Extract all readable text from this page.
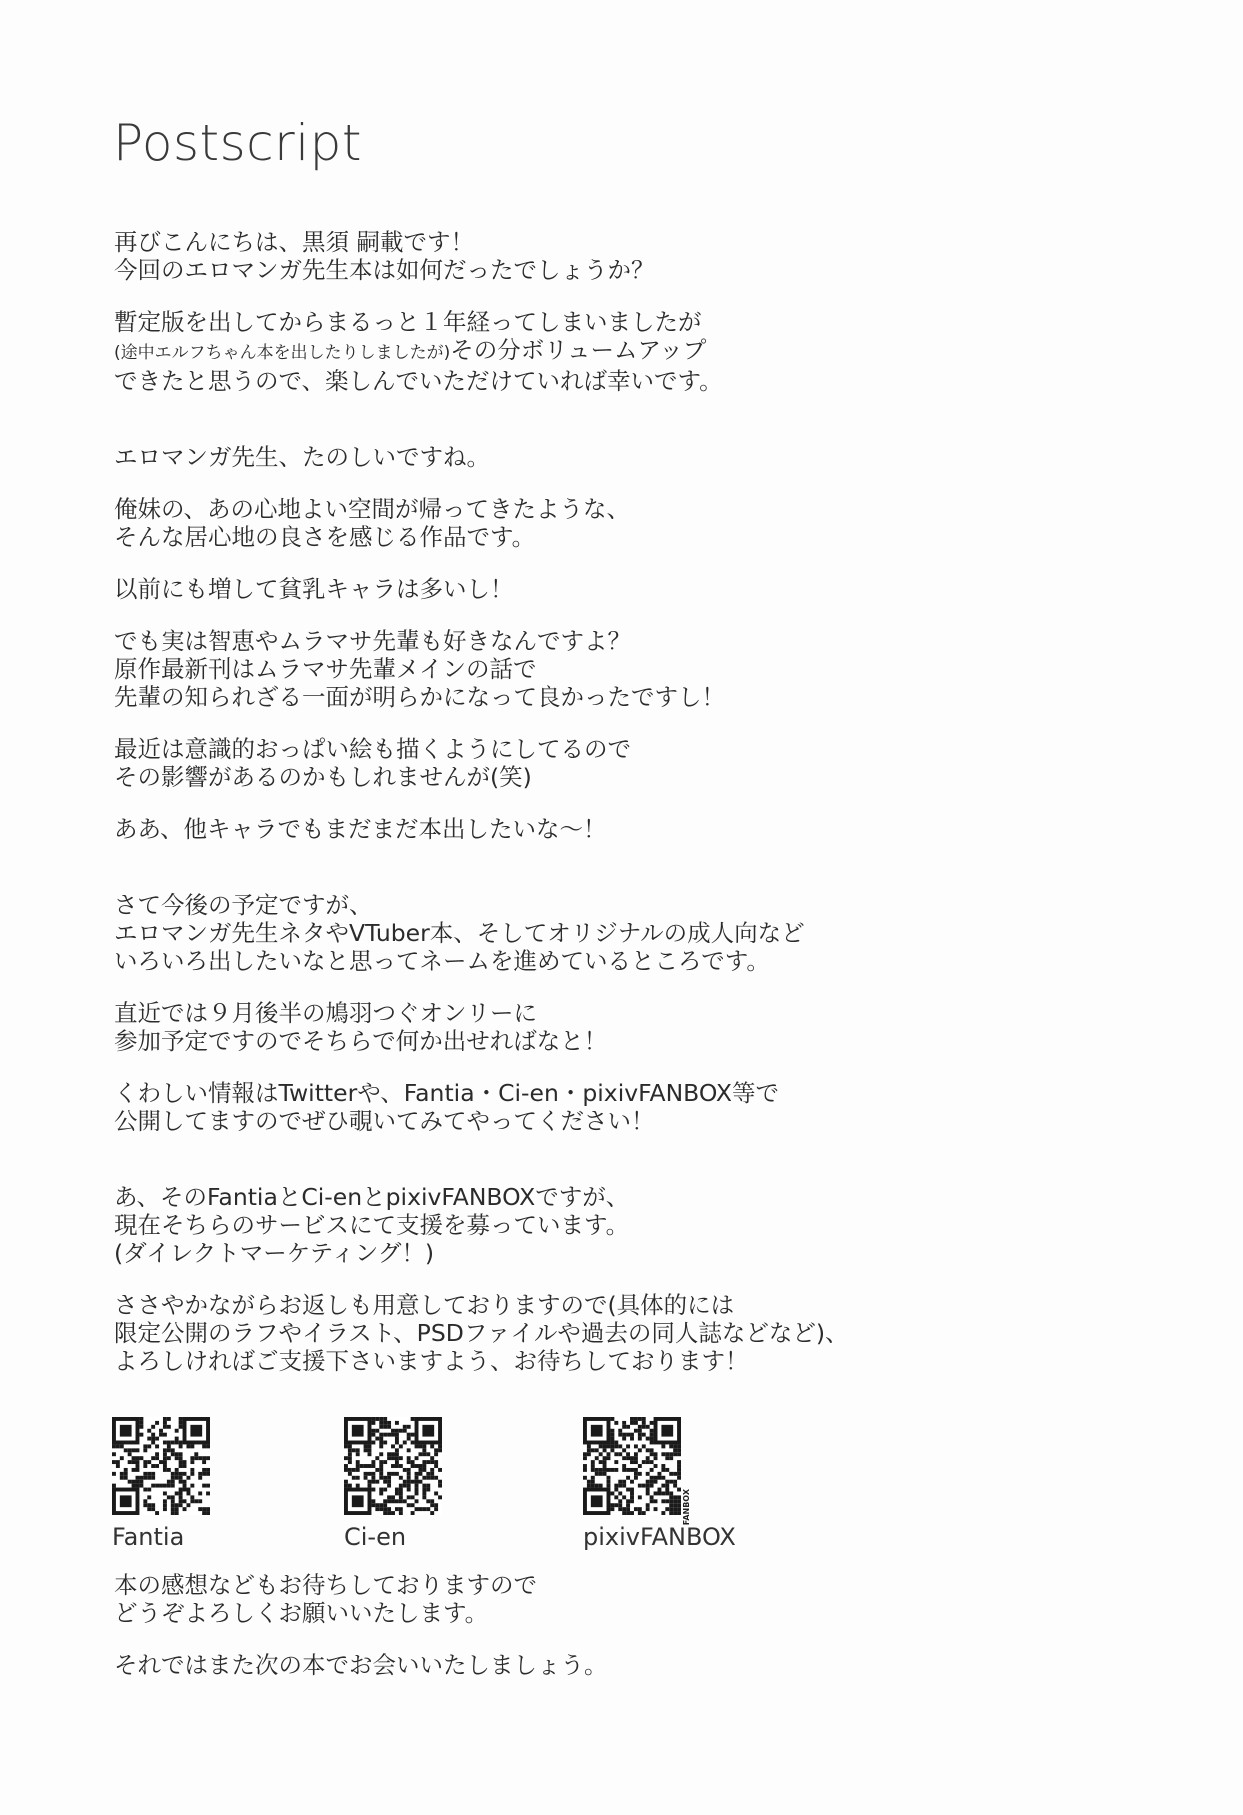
Postscript

再びこんにちは、黒須 嗣載です！
今回のエロマンガ先生本は如何だったでしょうか？

暫定版を出してからまるっと１年経ってしまいましたが
(途中エルフちゃん本を出したりしましたが)その分ボリュームアップ
できたと思うので、楽しんでいただけていれば幸いです。

エロマンガ先生、たのしいですね。

俺妹の、あの心地よい空間が帰ってきたような、
そんな居心地の良さを感じる作品です。

以前にも増して貧乳キャラは多いし！

でも実は智恵やムラマサ先輩も好きなんですよ？
原作最新刊はムラマサ先輩メインの話で
先輩の知られざる一面が明らかになって良かったですし！

最近は意識的おっぱい絵も描くようにしてるので
その影響があるのかもしれませんが(笑)

ああ、他キャラでもまだまだ本出したいな～！

さて今後の予定ですが、
エロマンガ先生ネタやVTuber本、そしてオリジナルの成人向など
いろいろ出したいなと思ってネームを進めているところです。

直近では９月後半の鳩羽つぐオンリーに
参加予定ですのでそちらで何か出せればなと！

くわしい情報はTwitterや、Fantia・Ci-en・pixivFANBOX等で
公開してますのでぜひ覗いてみてやってください！

あ、そのFantiaとCi-enとpixivFANBOXですが、
現在そちらのサービスにて支援を募っています。
(ダイレクトマーケティング！)

ささやかながらお返しも用意しておりますので(具体的には
限定公開のラフやイラスト、PSDファイルや過去の同人誌などなど)、
よろしければご支援下さいますよう、お待ちしております！

Fantia	Ci-en
FANBOX
pixivFANBOX

本の感想などもお待ちしておりますので
どうぞよろしくお願いいたします。

それではまた次の本でお会いいたしましょう。
